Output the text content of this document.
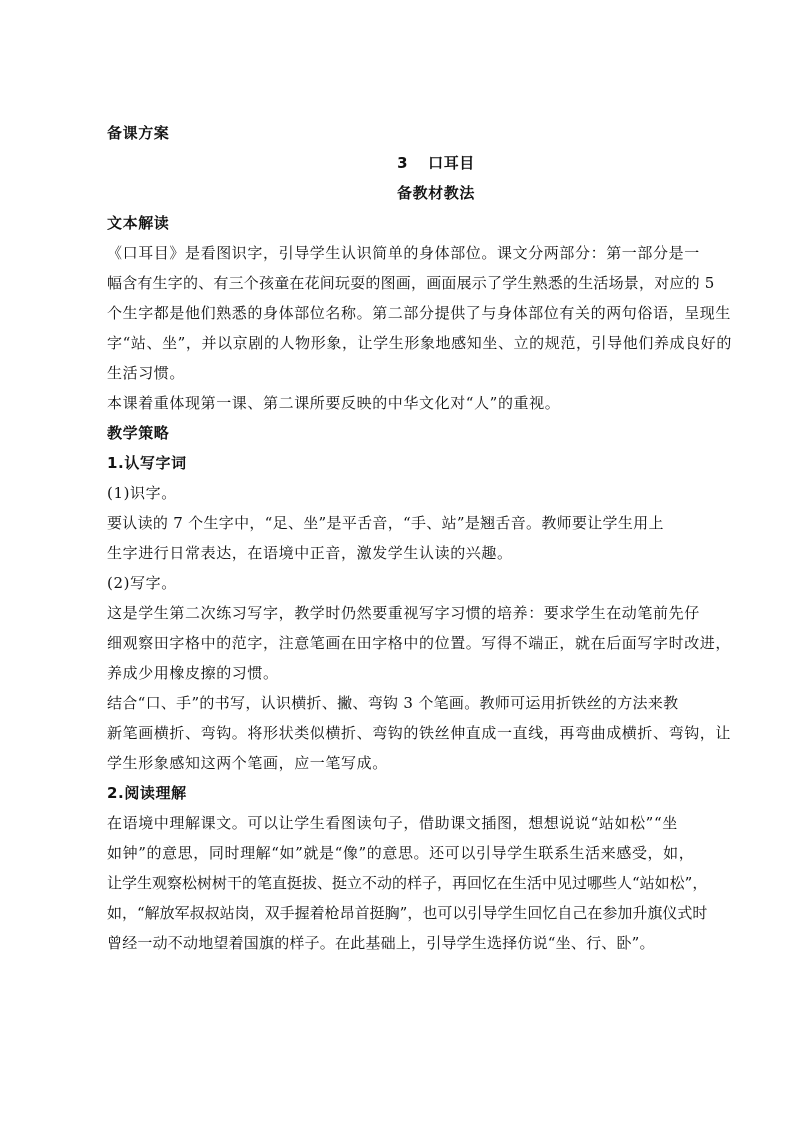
备课方案
3 口耳目
备教材教法
文本解读
《口耳目》是看图识字，引导学生认识简单的身体部位。课文分两部分：第一部分是一
幅含有生字的、有三个孩童在花间玩耍的图画，画面展示了学生熟悉的生活场景，对应的 5
个生字都是他们熟悉的身体部位名称。第二部分提供了与身体部位有关的两句俗语，呈现生
字“站、坐”，并以京剧的人物形象，让学生形象地感知坐、立的规范，引导他们养成良好的
生活习惯。
本课着重体现第一课、第二课所要反映的中华文化对“人”的重视。
教学策略
1.认写字词
(1)识字。
要认读的 7 个生字中，“足、坐”是平舌音，“手、站”是翘舌音。教师要让学生用上
生字进行日常表达，在语境中正音，激发学生认读的兴趣。
(2)写字。
这是学生第二次练习写字，教学时仍然要重视写字习惯的培养：要求学生在动笔前先仔
细观察田字格中的范字，注意笔画在田字格中的位置。写得不端正，就在后面写字时改进，
养成少用橡皮擦的习惯。
结合“口、手”的书写，认识横折、撇、弯钩 3 个笔画。教师可运用折铁丝的方法来教
新笔画横折、弯钩。将形状类似横折、弯钩的铁丝伸直成一直线，再弯曲成横折、弯钩，让
学生形象感知这两个笔画，应一笔写成。
2.阅读理解
在语境中理解课文。可以让学生看图读句子，借助课文插图，想想说说“站如松”“坐
如钟”的意思，同时理解“如”就是“像”的意思。还可以引导学生联系生活来感受，如，
让学生观察松树树干的笔直挺拔、挺立不动的样子，再回忆在生活中见过哪些人“站如松”，
如，“解放军叔叔站岗，双手握着枪昂首挺胸”，也可以引导学生回忆自己在参加升旗仪式时
曾经一动不动地望着国旗的样子。在此基础上，引导学生选择仿说“坐、行、卧”。
